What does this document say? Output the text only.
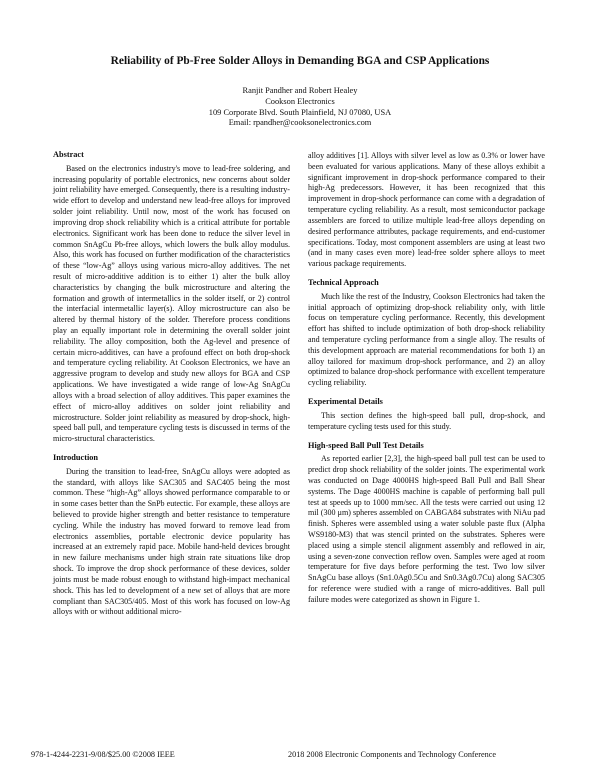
Reliability of Pb-Free Solder Alloys in Demanding BGA and CSP Applications
Ranjit Pandher and Robert Healey
Cookson Electronics
109 Corporate Blvd. South Plainfield, NJ 07080, USA
Email: rpandher@cooksonelectronics.com
Abstract

Based on the electronics industry's move to lead-free soldering, and increasing popularity of portable electronics, new concerns about solder joint reliability have emerged. Consequently, there is a resulting industry-wide effort to develop and understand new lead-free alloys for improved solder joint reliability. Until now, most of the work has focused on improving drop shock reliability which is a critical attribute for portable electronics. Significant work has been done to reduce the silver level in common SnAgCu Pb-free alloys, which lowers the bulk alloy modulus. Also, this work has focused on further modification of the characteristics of these “low-Ag” alloys using various micro-alloy additives. The net result of micro-additive addition is to either 1) alter the bulk alloy characteristics by changing the bulk microstructure and altering the formation and growth of intermetallics in the solder itself, or 2) control the interfacial intermetallic layer(s). Alloy microstructure can also be altered by thermal history of the solder. Therefore process conditions play an equally important role in determining the overall solder joint reliability. The alloy composition, both the Ag-level and presence of certain micro-additives, can have a profound effect on both drop-shock and temperature cycling reliability. At Cookson Electronics, we have an aggressive program to develop and study new alloys for BGA and CSP applications. We have investigated a wide range of low-Ag SnAgCu alloys with a broad selection of alloy additives. This paper examines the effect of micro-alloy additives on solder joint reliability and microstructure. Solder joint reliability as measured by drop-shock, high-speed ball pull, and temperature cycling tests is discussed in terms of the micro-structural characteristics.

Introduction

During the transition to lead-free, SnAgCu alloys were adopted as the standard, with alloys like SAC305 and SAC405 being the most common. These “high-Ag” alloys showed performance comparable to or in some cases better than the SnPb eutectic. For example, these alloys are believed to provide higher strength and better resistance to temperature cycling. While the industry has moved forward to remove lead from electronics assemblies, portable electronic device popularity has increased at an extremely rapid pace. Mobile hand-held devices brought in new failure mechanisms under high strain rate situations like drop shock. To improve the drop shock performance of these devices, solder joints must be made robust enough to withstand high-impact mechanical shock. This has led to development of a new set of alloys that are more compliant than SAC305/405. Most of this work has focused on low-Ag alloys with or without additional micro-

alloy additives [1]. Alloys with silver level as low as 0.3% or lower have been evaluated for various applications. Many of these alloys exhibit a significant improvement in drop-shock performance compared to their high-Ag predecessors. However, it has been recognized that this improvement in drop-shock performance can come with a degradation of temperature cycling reliability. As a result, most semiconductor package assemblers are forced to utilize multiple lead-free alloys depending on desired performance attributes, package requirements, and end-customer specifications. Today, most component assemblers are using at least two (and in many cases even more) lead-free solder sphere alloys to meet various package requirements.

Technical Approach

Much like the rest of the Industry, Cookson Electronics had taken the initial approach of optimizing drop-shock reliability only, with little focus on temperature cycling performance. Recently, this development effort has shifted to include optimization of both drop-shock reliability and temperature cycling performance from a single alloy. The results of this development approach are material recommendations for both 1) an alloy tailored for maximum drop-shock performance, and 2) an alloy optimized to balance drop-shock performance with excellent temperature cycling reliability.

Experimental Details

This section defines the high-speed ball pull, drop-shock, and temperature cycling tests used for this study.

High-speed Ball Pull Test Details

As reported earlier [2,3], the high-speed ball pull test can be used to predict drop shock reliability of the solder joints. The experimental work was conducted on Dage 4000HS high-speed Ball Pull and Ball Shear systems. The Dage 4000HS machine is capable of performing ball pull test at speeds up to 1000 mm/sec. All the tests were carried out using 12 mil (300 μm) spheres assembled on CABGA84 substrates with NiAu pad finish. Spheres were assembled using a water soluble paste flux (Alpha WS9180-M3) that was stencil printed on the substrates. Spheres were placed using a simple stencil alignment assembly and reflowed in air, using a seven-zone convection reflow oven. Samples were aged at room temperature for five days before performing the test. Two low silver SnAgCu base alloys (Sn1.0Ag0.5Cu and Sn0.3Ag0.7Cu) along SAC305 for reference were studied with a range of micro-additives. Ball pull failure modes were categorized as shown in Figure 1.

978-1-4244-2231-9/08/$25.00 ©2008 IEEE	2018 2008 Electronic Components and Technology Conference
